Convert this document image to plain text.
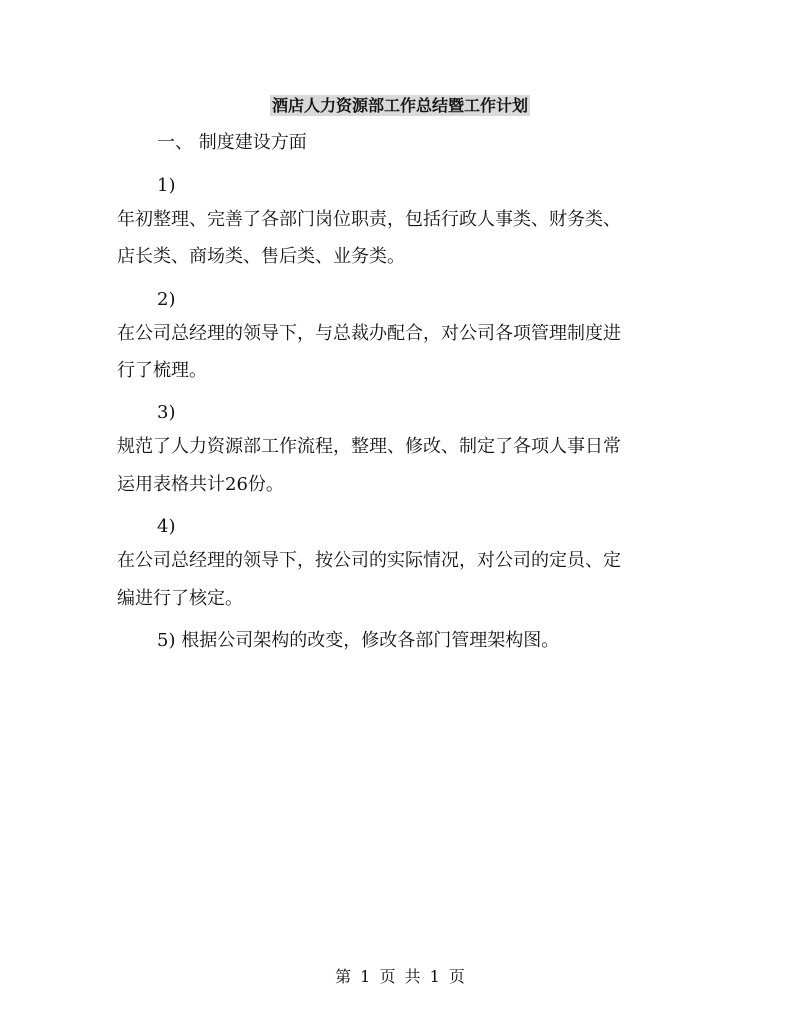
酒店人力资源部工作总结暨工作计划
一、 制度建设方面
1)
年初整理、完善了各部门岗位职责，包括行政人事类、财务类、
店长类、商场类、售后类、业务类。
2)
在公司总经理的领导下，与总裁办配合，对公司各项管理制度进
行了梳理。
3)
规范了人力资源部工作流程，整理、修改、制定了各项人事日常
运用表格共计26份。
4)
在公司总经理的领导下，按公司的实际情况，对公司的定员、定
编进行了核定。
5) 根据公司架构的改变，修改各部门管理架构图。
第 1 页 共 1 页
